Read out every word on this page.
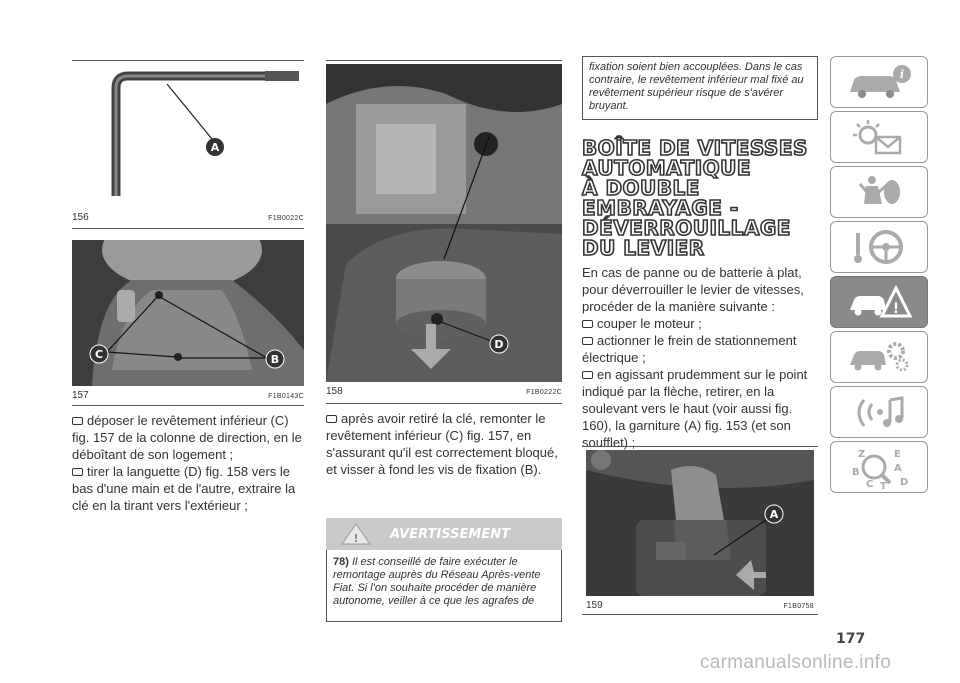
A
156	F1B0022C
C	B
157	F1B0143C

déposer le revêtement inférieur (C) fig. 157 de la colonne de direction, en le déboîtant de son logement ;

tirer la languette (D) fig. 158 vers le bas d'une main et de l'autre, extraire la clé en la tirant vers l'extérieur ;

D
158	F1B0222C

après avoir retiré la clé, remonter le revêtement inférieur (C) fig. 157, en s'assurant qu'il est correctement bloqué, et visser à fond les vis de fixation (B).

! AVERTISSEMENT

78) Il est conseillé de faire exécuter le remontage auprès du Réseau Après-vente Fiat. Si l'on souhaite procéder de manière autonome, veiller à ce que les agrafes de

fixation soient bien accouplées. Dans le cas contraire, le revêtement inférieur mal fixé au revêtement supérieur risque de s'avérer bruyant.

BOÎTE DE VITESSES
AUTOMATIQUE
À DOUBLE
EMBRAYAGE -
DÉVERROUILLAGE
DU LEVIER

En cas de panne ou de batterie à plat, pour déverrouiller le levier de vitesses, procéder de la manière suivante :

couper le moteur ;

actionner le frein de stationnement électrique ;

en agissant prudemment sur le point indiqué par la flèche, retirer, en la soulevant vers le haut (voir aussi fig. 160), la garniture (A) fig. 153 (et son soufflet) ;

A
159	F1B0758
i
!
Z	E
A
B
C	D
T
177
carmanualsonline.info
